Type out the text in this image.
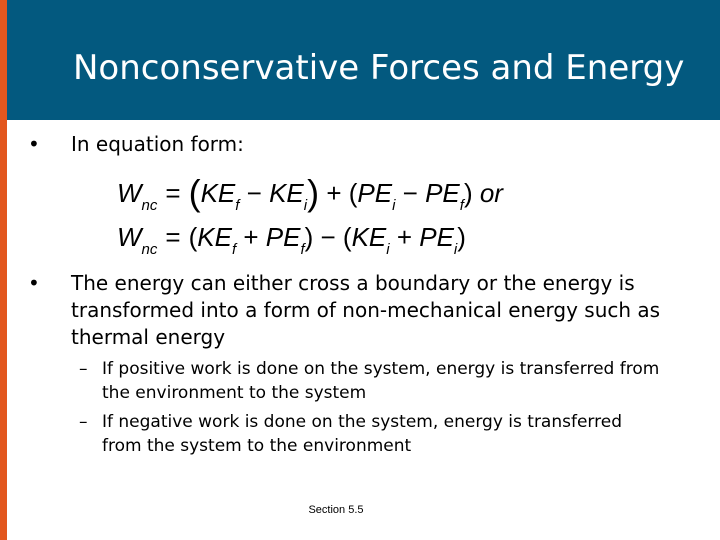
Nonconservative Forces and Energy
• In equation form:
$W_{nc} = (KE_f - KE_i) + (PE_i - PE_f)$ or
$W_{nc} = (KE_f + PE_f) - (KE_i + PE_i)$
• The energy can either cross a boundary or the energy is transformed into a form of non-mechanical energy such as thermal energy
– If positive work is done on the system, energy is transferred from the environment to the system
– If negative work is done on the system, energy is transferred from the system to the environment
Section 5.5
